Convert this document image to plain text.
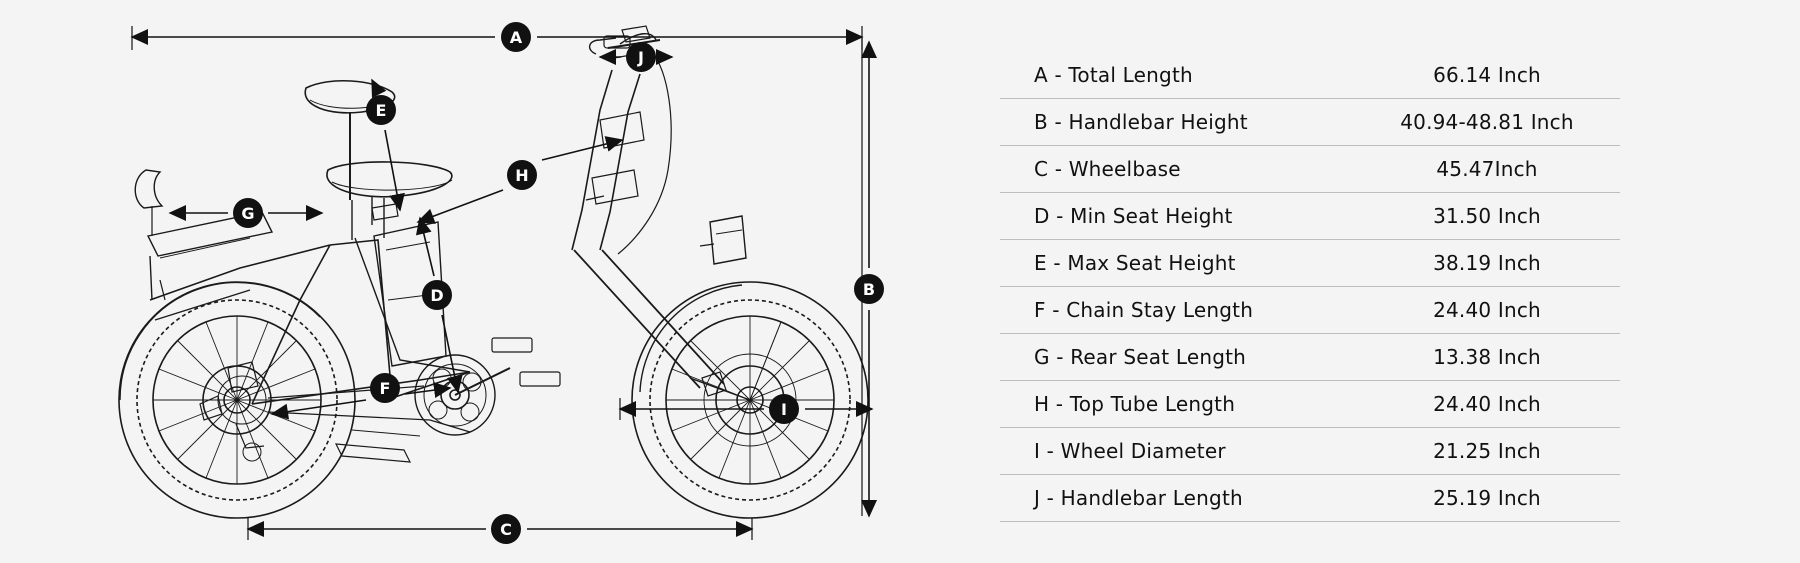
A
B
C
D
E
F
G
H
I
J
A - Total Length	66.14 Inch
B - Handlebar Height	40.94-48.81 Inch
C - Wheelbase	45.47Inch
D - Min Seat Height	31.50 Inch
E - Max Seat Height	38.19 Inch
F - Chain Stay Length	24.40 Inch
G - Rear Seat Length	13.38 Inch
H - Top Tube Length	24.40 Inch
I - Wheel Diameter	21.25 Inch
J - Handlebar Length	25.19 Inch
